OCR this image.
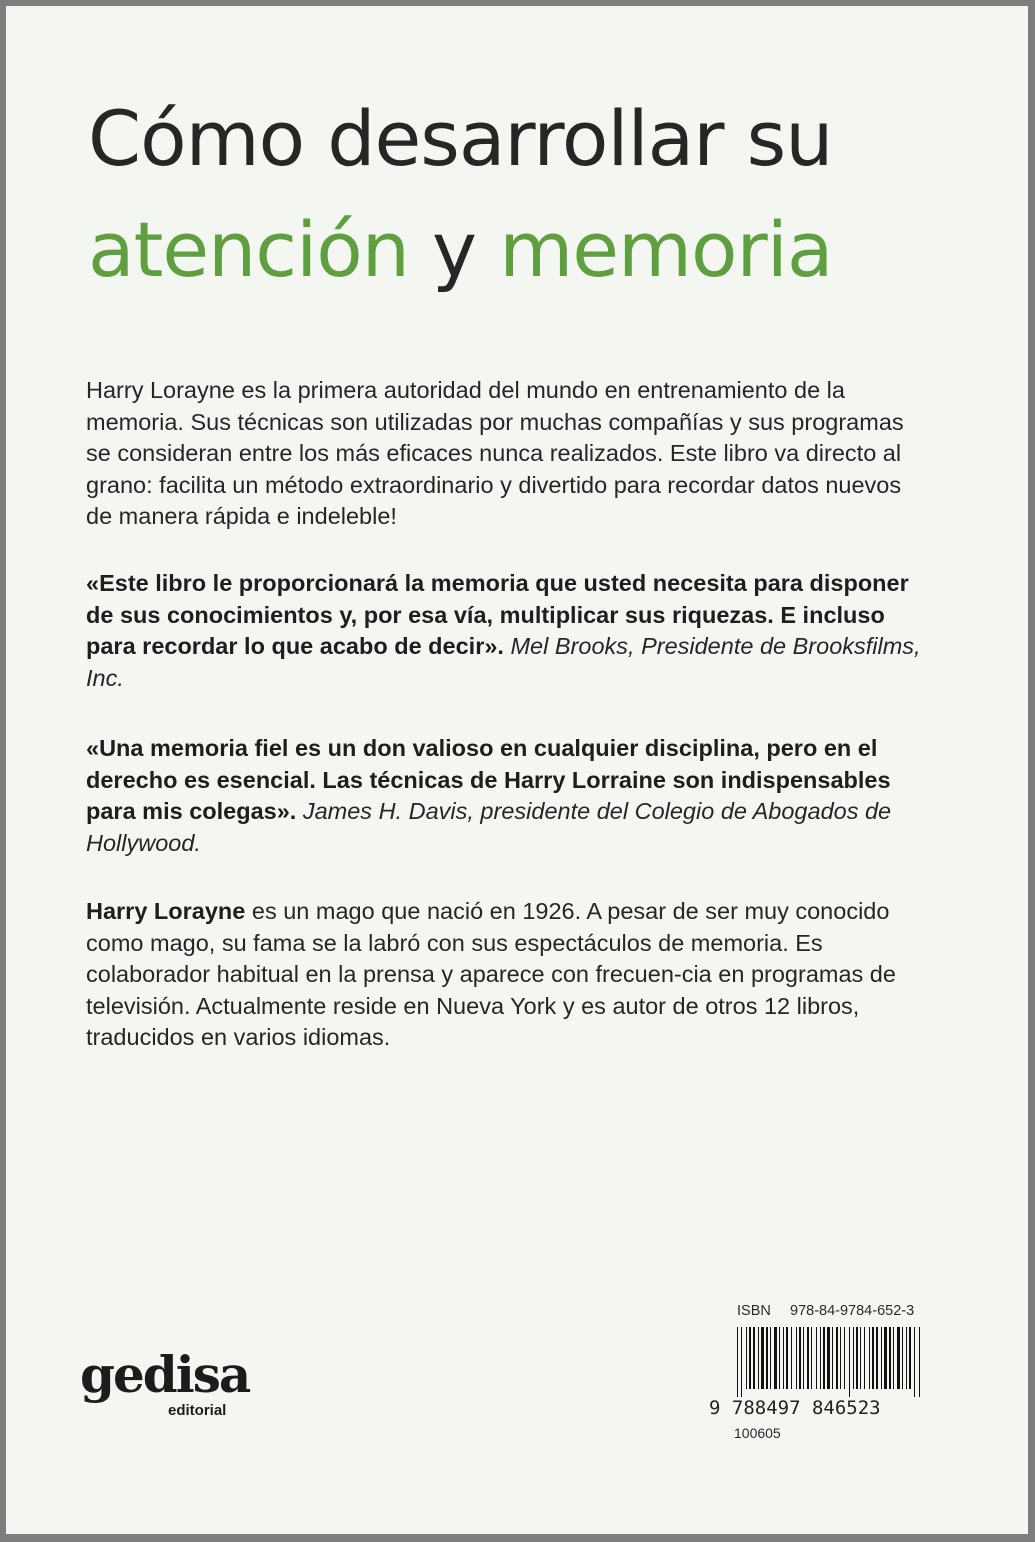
Cómo desarrollar su
atención y memoria

Harry Lorayne es la primera autoridad del mundo en entrenamiento de la memoria. Sus técnicas son utilizadas por muchas compañías y sus programas se consideran entre los más eficaces nunca realizados. Este libro va directo al grano: facilita un método extraordinario y divertido para recordar datos nuevos de manera rápida e indeleble!

«Este libro le proporcionará la memoria que usted necesita para disponer de sus conocimientos y, por esa vía, multiplicar sus riquezas. E incluso para recordar lo que acabo de decir». Mel Brooks, Presidente de Brooksfilms, Inc.

«Una memoria fiel es un don valioso en cualquier disciplina, pero en el derecho es esencial. Las técnicas de Harry Lorraine son indispensables para mis colegas». James H. Davis, presidente del Colegio de Abogados de Hollywood.

Harry Lorayne es un mago que nació en 1926. A pesar de ser muy conocido como mago, su fama se la labró con sus espectáculos de memoria. Es colaborador habitual en la prensa y aparece con frecuen-cia en programas de televisión. Actualmente reside en Nueva York y es autor de otros 12 libros, traducidos en varios idiomas.

gedisa
editorial
ISBN 978-84-9784-652-3
9 788497 846523
100605
